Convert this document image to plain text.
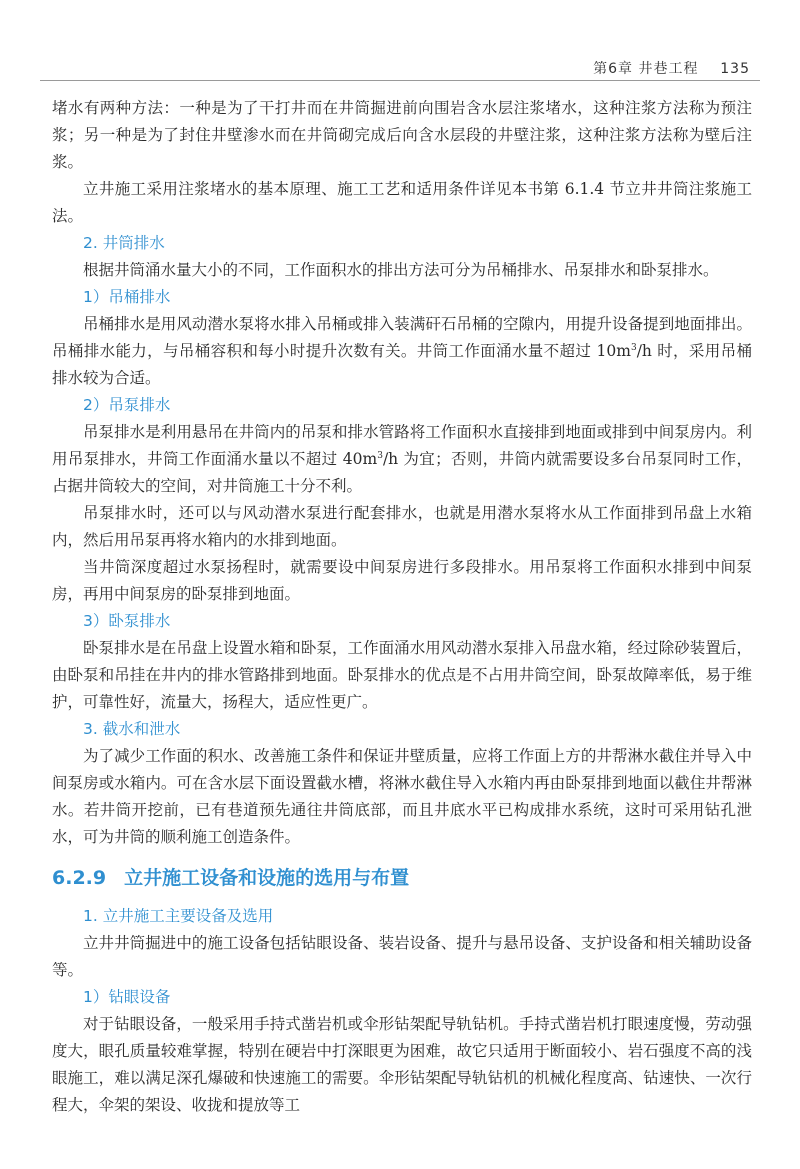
第6章 井巷工程 135

堵水有两种方法：一种是为了干打井而在井筒掘进前向围岩含水层注浆堵水，这种注浆方法称为预注浆；另一种是为了封住井壁渗水而在井筒砌完成后向含水层段的井壁注浆，这种注浆方法称为壁后注浆。

立井施工采用注浆堵水的基本原理、施工工艺和适用条件详见本书第 6.1.4 节立井井筒注浆施工法。

2. 井筒排水

根据井筒涌水量大小的不同，工作面积水的排出方法可分为吊桶排水、吊泵排水和卧泵排水。

1）吊桶排水

吊桶排水是用风动潜水泵将水排入吊桶或排入装满矸石吊桶的空隙内，用提升设备提到地面排出。吊桶排水能力，与吊桶容积和每小时提升次数有关。井筒工作面涌水量不超过 $10m^3/h$ 时，采用吊桶排水较为合适。

2）吊泵排水

吊泵排水是利用悬吊在井筒内的吊泵和排水管路将工作面积水直接排到地面或排到中间泵房内。利用吊泵排水，井筒工作面涌水量以不超过 $40m^3/h$ 为宜；否则，井筒内就需要设多台吊泵同时工作，占据井筒较大的空间，对井筒施工十分不利。

吊泵排水时，还可以与风动潜水泵进行配套排水，也就是用潜水泵将水从工作面排到吊盘上水箱内，然后用吊泵再将水箱内的水排到地面。

当井筒深度超过水泵扬程时，就需要设中间泵房进行多段排水。用吊泵将工作面积水排到中间泵房，再用中间泵房的卧泵排到地面。

3）卧泵排水

卧泵排水是在吊盘上设置水箱和卧泵，工作面涌水用风动潜水泵排入吊盘水箱，经过除砂装置后，由卧泵和吊挂在井内的排水管路排到地面。卧泵排水的优点是不占用井筒空间，卧泵故障率低，易于维护，可靠性好，流量大，扬程大，适应性更广。

3. 截水和泄水

为了减少工作面的积水、改善施工条件和保证井壁质量，应将工作面上方的井帮淋水截住并导入中间泵房或水箱内。可在含水层下面设置截水槽，将淋水截住导入水箱内再由卧泵排到地面以截住井帮淋水。若井筒开挖前，已有巷道预先通往井筒底部，而且井底水平已构成排水系统，这时可采用钻孔泄水，可为井筒的顺利施工创造条件。

6.2.9 立井施工设备和设施的选用与布置
1. 立井施工主要设备及选用

立井井筒掘进中的施工设备包括钻眼设备、装岩设备、提升与悬吊设备、支护设备和相关辅助设备等。

1）钻眼设备

对于钻眼设备，一般采用手持式凿岩机或伞形钻架配导轨钻机。手持式凿岩机打眼速度慢，劳动强度大，眼孔质量较难掌握，特别在硬岩中打深眼更为困难，故它只适用于断面较小、岩石强度不高的浅眼施工，难以满足深孔爆破和快速施工的需要。伞形钻架配导轨钻机的机械化程度高、钻速快、一次行程大，伞架的架设、收拢和提放等工
